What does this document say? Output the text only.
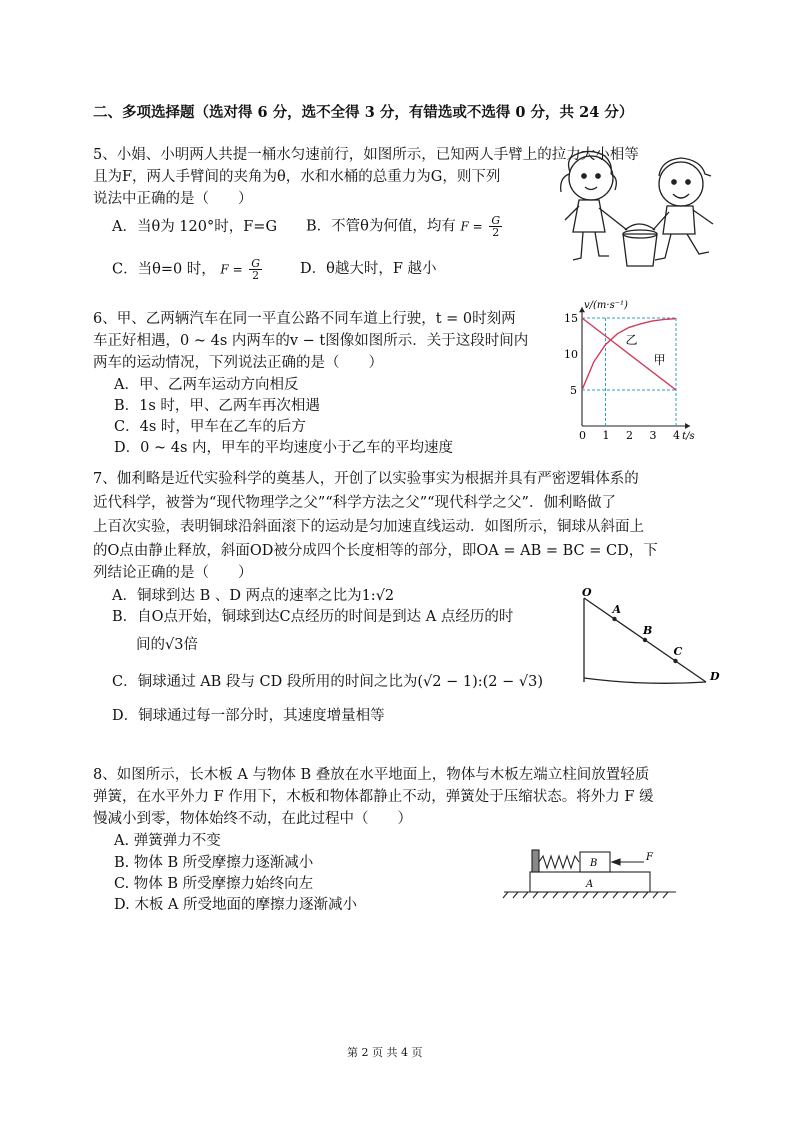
二、多项选择题（选对得 6 分，选不全得 3 分，有错选或不选得 0 分，共 24 分）
5、小娟、小明两人共提一桶水匀速前行，如图所示，已知两人手臂上的拉力大小相等
且为F，两人手臂间的夹角为θ，水和水桶的总重力为G，则下列
说法中正确的是（　　）
A．当θ为 120°时，F=G B．不管θ为何值，均有 $F = \frac{G}{2}$
C．当θ=0 时， $F = \frac{G}{2}$	D．θ越大时，F 越小
6、甲、乙两辆汽车在同一平直公路不同车道上行驶，t = 0时刻两
车正好相遇，0 ~ 4s 内两车的v − t图像如图所示．关于这段时间内
两车的运动情况，下列说法正确的是（　　）
A．甲、乙两车运动方向相反
B．1s 时，甲、乙两车再次相遇
C．4s 时，甲车在乙车的后方
D．0 ~ 4s 内，甲车的平均速度小于乙车的平均速度
0 1 2 3 4
5
10
15
v/(m·s⁻¹)
t/s
乙
甲
7、伽利略是近代实验科学的奠基人，开创了以实验事实为根据并具有严密逻辑体系的
近代科学，被誉为“现代物理学之父”“科学方法之父”“现代科学之父”．伽利略做了
上百次实验，表明铜球沿斜面滚下的运动是匀加速直线运动．如图所示，铜球从斜面上
的O点由静止释放，斜面OD被分成四个长度相等的部分，即OA = AB = BC = CD，下
列结论正确的是（　　）
A．铜球到达 B 、D 两点的速率之比为1:√2
B．自O点开始，铜球到达C点经历的时间是到达 A 点经历的时
间的√3倍
C．铜球通过 AB 段与 CD 段所用的时间之比为(√2 − 1):(2 − √3)
D．铜球通过每一部分时，其速度增量相等
O
A
B
C
D
8、如图所示，长木板 A 与物体 B 叠放在水平地面上，物体与木板左端立柱间放置轻质
弹簧，在水平外力 F 作用下，木板和物体都静止不动，弹簧处于压缩状态。将外力 F 缓
慢减小到零，物体始终不动，在此过程中（　　）
A. 弹簧弹力不变
B. 物体 B 所受摩擦力逐渐减小
C. 物体 B 所受摩擦力始终向左
D. 木板 A 所受地面的摩擦力逐渐减小
B
A
F
第 2 页 共 4 页
